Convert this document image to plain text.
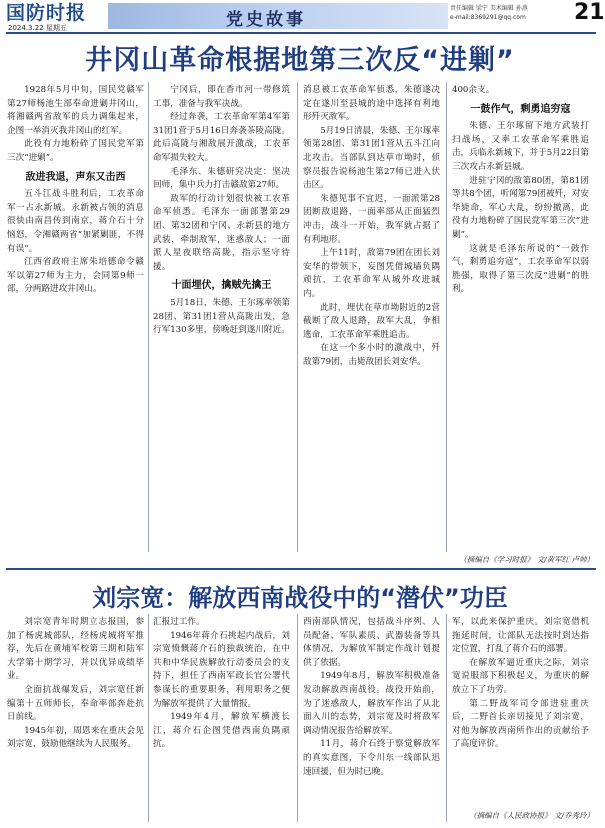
国防时报
2024.3.22 星期五	党史故事
责任编辑 梁宁 美术编辑 孙燕
e-mail:8369291@qq.com	21
井冈山革命根据地第三次反“进剿”

1928年5月中旬，国民党赣军第27师杨池生部奉命进剿井冈山，将湘赣两省敌军的兵力调集起来，企图一举消灭我井冈山的红军。

此役有力地粉碎了国民党军第三次“进剿”。

敌进我退，声东又击西

五斗江战斗胜利后，工农革命军一占永新城。永新被占领的消息很快由南昌传到南京，蒋介石十分恼怒，令湘赣两省“加紧剿匪，不得有误”。

江西省政府主席朱培德命令赣军以第27师为主力，会同第9师一部，分两路进攻井冈山。

宁冈后，即在香市河一带修筑工事，准备与我军决战。

经过奔袭，工农革命军第4军第31团1营于5月16日奔袭茶陵高陇。此后高陇与湘敌展开激战，工农革命军损失较大。

毛泽东、朱德研究决定：坚决回师，集中兵力打击赣敌第27师。

敌军的行动计划很快被工农革命军侦悉。毛泽东一面部署第29团、第32团和宁冈、永新县的地方武装，牵制敌军，迷惑敌人；一面派人星夜联络高陇，指示坚守待援。

十面埋伏，擒贼先擒王

5月18日，朱德、王尔琢率领第28团、第31团1营从高陇出发，急行军130多里，傍晚赶到遂川附近。

消息被工农革命军侦悉，朱德遂决定在遂川至县城的途中选择有利地形歼灭敌军。

5月19日清晨，朱德、王尔琢率领第28团、第31团1营从五斗江向北攻击。当部队到达草市坳时，侦察员报告说杨池生第27师已进入伏击区。

朱德见事不宜迟，一面派第28团断敌退路，一面率部从正面猛烈冲击，战斗一开始，我军就占据了有利地形。

上午11时，敌第79团在团长刘安华的带领下，妄图凭借城墙负隅顽抗，工农革命军从城外攻进城内。

此时，埋伏在草市坳附近的2营截断了敌人退路，敌军大乱，争相逃命，工农革命军乘胜追击。

在这一个多小时的激战中，歼敌第79团，击毙敌团长刘安华。

400余支。

一鼓作气，剩勇追穷寇

朱德、王尔琢留下地方武装打扫战场，又率工农革命军乘胜追击，兵临永新城下，并于5月22日第三次攻占永新县城。

进驻宁冈的敌第80团，第81团等共8个团，听闻第79团被歼，对安华毙命，军心大乱，纷纷撤离，此役有力地粉碎了国民党军第三次“进剿”。

这就是毛泽东所说的“一鼓作气，剩勇追穷寇”，工农革命军以弱胜强，取得了第三次反“进剿”的胜利。

（摘编自《学习时报》 文/黄军红 卢帅）
刘宗宽：解放西南战役中的“潜伏”功臣

刘宗宽青年时期立志报国，参加了杨虎城部队，经杨虎城将军推荐，先后在黄埔军校第三期和陆军大学第十期学习，并以优异成绩毕业。

全面抗战爆发后，刘宗宽任新编第十五师师长，奉命率部奔赴抗日前线。

1945年初，周恩来在重庆会见刘宗宽，鼓励他继续为人民服务。

汇报过工作。

1946年蒋介石挑起内战后，刘宗宽愤慨蒋介石的独裁统治，在中共和中华民族解放行动委员会的支持下，担任了西南军政长官公署代参谋长的重要职务，利用职务之便为解放军提供了大量情报。

1949年4月，解放军横渡长江，蒋介石企图凭借西南负隅顽抗。

西南部队情况，包括战斗序列、人员配备、军队素质、武器装备等具体情况，为解放军制定作战计划提供了依据。

1949年8月，解放军积极准备发动解放西南战役。战役开始前，为了迷惑敌人，解放军作出了从北面入川的态势，刘宗宽及时将敌军调动情况报告给解放军。

11月，蒋介石终于察觉解放军的真实意图，下令川东一线部队迅速回援，但为时已晚。

军，以此来保护重庆。刘宗宽借机拖延时间，让部队无法按时到达指定位置，打乱了蒋介石的部署。

在解放军逼近重庆之际，刘宗宽说服部下积极起义，为重庆的解放立下了功劳。

第二野战军司令部进驻重庆后，二野首长亲切接见了刘宗宽，对他为解放西南所作出的贡献给予了高度评价。

（摘编自《人民政协报》 文/乔秀玲）
